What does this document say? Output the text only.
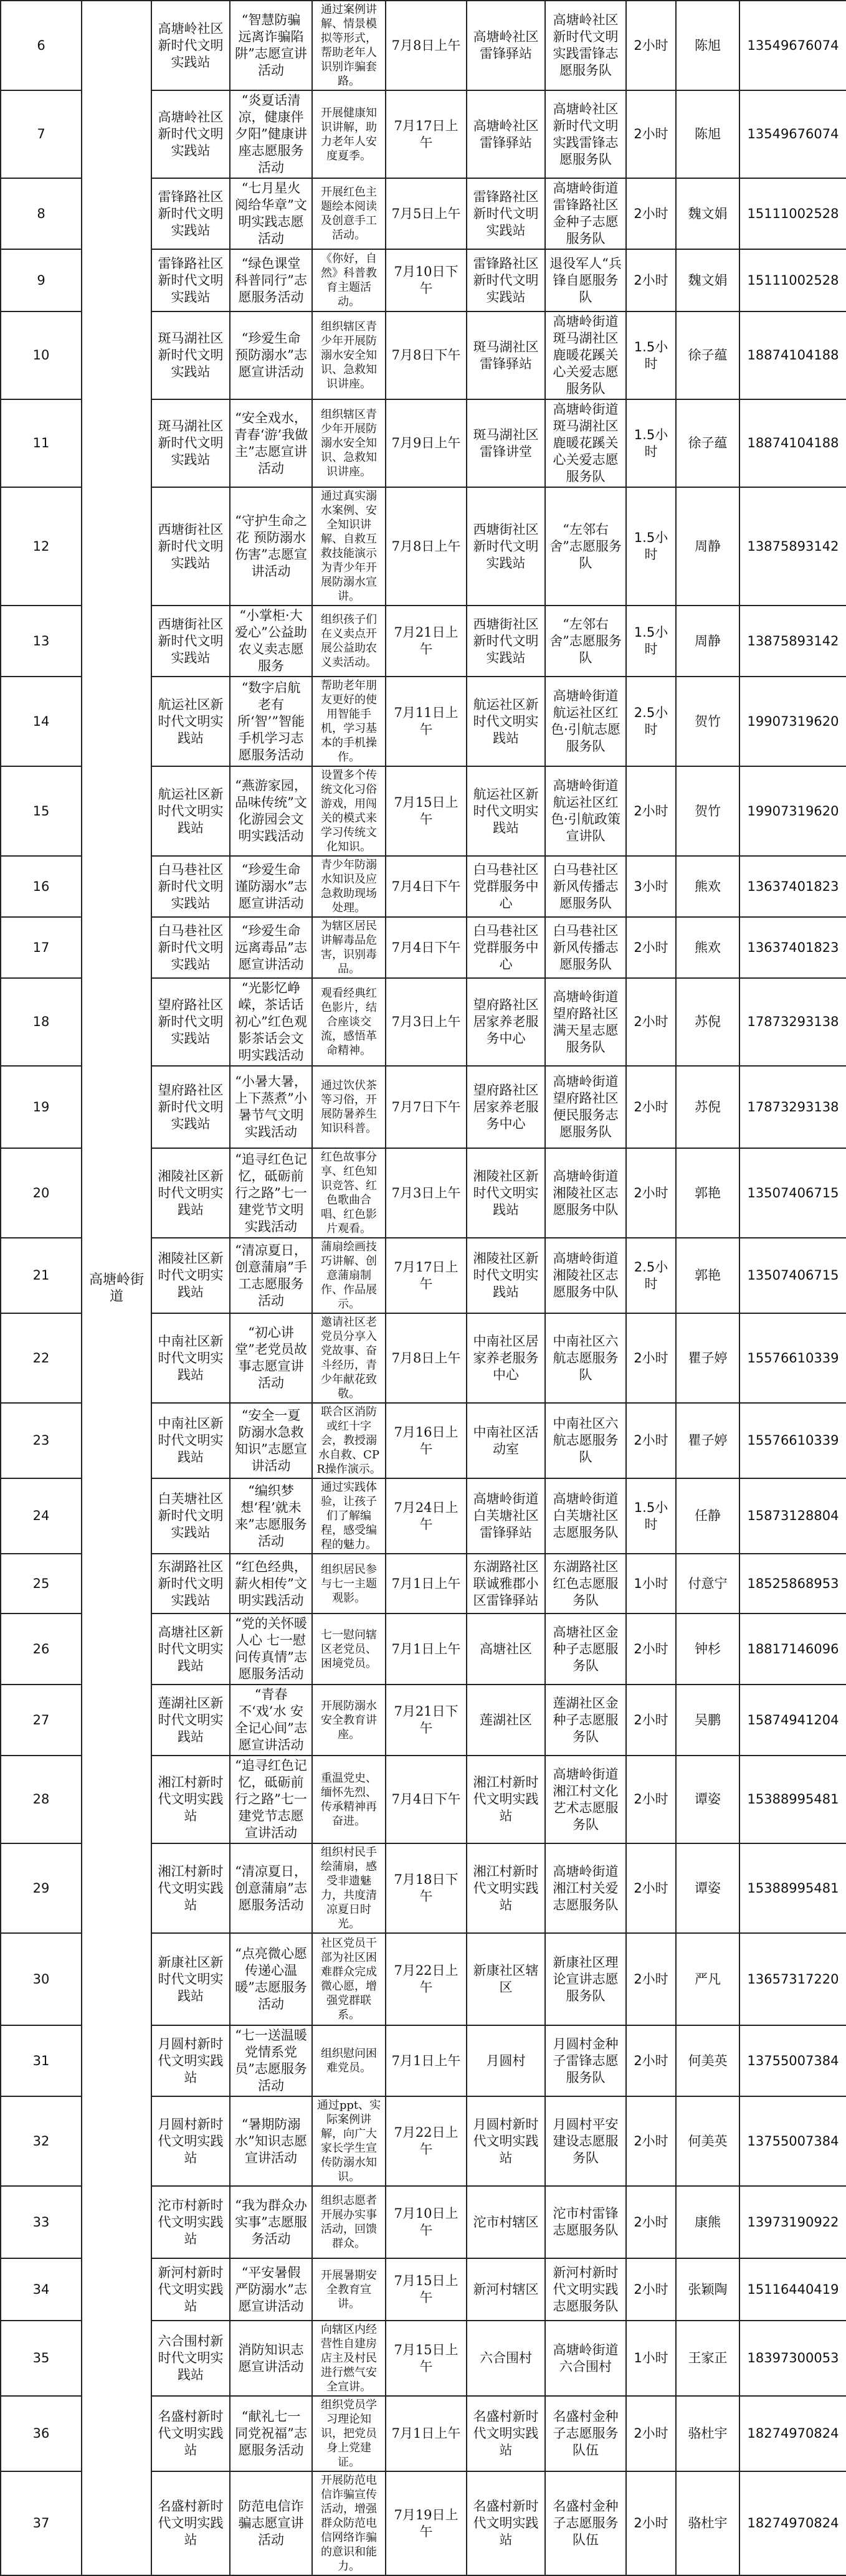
6	高塘岭街道	高塘岭社区新时代文明实践站	“智慧防骗 远离诈骗陷阱”志愿宣讲活动	通过案例讲解、情景模拟等形式，帮助老年人识别诈骗套路。	7月8日上午	高塘岭社区雷锋驿站	高塘岭社区新时代文明实践雷锋志愿服务队	2小时	陈旭	13549676074
7		高塘岭社区新时代文明实践站	“炎夏话清凉，健康伴夕阳”健康讲座志愿服务活动	开展健康知识讲解，助力老年人安度夏季。	7月17日上午	高塘岭社区雷锋驿站	高塘岭社区新时代文明实践雷锋志愿服务队	2小时	陈旭	13549676074
8		雷锋路社区新时代文明实践站	“七月星火 阅给华章”文明实践志愿活动	开展红色主题绘本阅读及创意手工活动。	7月5日上午	雷锋路社区新时代文明实践站	高塘岭街道雷锋路社区金种子志愿服务队	2小时	魏文娟	15111002528
9		雷锋路社区新时代文明实践站	“绿色课堂 科普同行”志愿服务活动	《你好，自然》科普教育主题活动。	7月10日下午	雷锋路社区新时代文明实践站	退役军人“兵锋自愿服务队	2小时	魏文娟	15111002528
10		斑马湖社区新时代文明实践站	“珍爱生命 预防溺水”志愿宣讲活动	组织辖区青少年开展防溺水安全知识、急救知识讲座。	7月8日下午	斑马湖社区雷锋驿站	高塘岭街道斑马湖社区鹿暖花蹊关心关爱志愿服务队	1.5小时	徐子蕴	18874104188
11		斑马湖社区新时代文明实践站	“安全戏水，青春‘游’我做主”志愿宣讲活动	组织辖区青少年开展防溺水安全知识、急救知识讲座。	7月9日上午	斑马湖社区雷锋讲堂	高塘岭街道斑马湖社区鹿暖花蹊关心关爱志愿服务队	1.5小时	徐子蕴	18874104188
12		西塘街社区新时代文明实践站	“守护生命之花 预防溺水伤害”志愿宣讲活动	通过真实溺水案例、安全知识讲解、自救互救技能演示为青少年开展防溺水宣讲。	7月8日上午	西塘街社区新时代文明实践站	“左邻右舍”志愿服务队	1.5小时	周静	13875893142
13		西塘街社区新时代文明实践站	“小掌柜·大爱心”公益助农义卖志愿服务	组织孩子们在义卖点开展公益助农义卖活动。	7月21日上午	西塘街社区新时代文明实践站	“左邻右舍”志愿服务队	1.5小时	周静	13875893142
14		航运社区新时代文明实践站	“数字启航 老有所‘智’”智能手机学习志愿服务活动	帮助老年朋友更好的使用智能手机，学习基本的手机操作。	7月11日上午	航运社区新时代文明实践站	高塘岭街道航运社区红色·引航志愿服务队	2.5小时	贺竹	19907319620
15		航运社区新时代文明实践站	“燕游家园，品味传统”文化游园会文明实践活动	设置多个传统文化习俗游戏，用闯关的模式来学习传统文化知识。	7月15日上午	航运社区新时代文明实践站	高塘岭街道航运社区红色·引航政策宣讲队	2小时	贺竹	19907319620
16		白马巷社区新时代文明实践站	“珍爱生命 谨防溺水”志愿宣讲活动	青少年防溺水知识及应急救助现场处理。	7月4日下午	白马巷社区党群服务中心	白马巷社区新风传播志愿服务队	3小时	熊欢	13637401823
17		白马巷社区新时代文明实践站	“珍爱生命 远离毒品”志愿宣讲活动	为辖区居民讲解毒品危害，识别毒品。	7月4日下午	白马巷社区党群服务中心	白马巷社区新风传播志愿服务队	2小时	熊欢	13637401823
18		望府路社区新时代文明实践站	“光影忆峥嵘，茶话话初心”红色观影茶话会文明实践活动	观看经典红色影片，结合座谈交流，感悟革命精神。	7月3日上午	望府路社区居家养老服务中心	高塘岭街道望府路社区满天星志愿服务队	2小时	苏倪	17873293138
19		望府路社区新时代文明实践站	“小暑大暑，上下蒸煮”小暑节气文明实践活动	通过饮伏茶等习俗，开展防暑养生知识科普。	7月7日下午	望府路社区居家养老服务中心	高塘岭街道望府路社区便民服务志愿服务队	2小时	苏倪	17873293138
20		湘陵社区新时代文明实践站	“追寻红色记忆，砥砺前行之路”七一建党节文明实践活动	红色故事分享、红色知识竞答、红色歌曲合唱、红色影片观看。	7月3日上午	湘陵社区新时代文明实践站	高塘岭街道湘陵社区志愿服务中队	2小时	郭艳	13507406715
21		湘陵社区新时代文明实践站	“清凉夏日，创意蒲扇”手工志愿服务活动	蒲扇绘画技巧讲解、创意蒲扇制作、作品展示。	7月17日上午	湘陵社区新时代文明实践站	高塘岭街道湘陵社区志愿服务中队	2.5小时	郭艳	13507406715
22		中南社区新时代文明实践站	“初心讲堂”老党员故事志愿宣讲活动	邀请社区老党员分享入党故事、奋斗经历，青少年献花致敬。	7月8日上午	中南社区居家养老服务中心	中南社区六航志愿服务队	2小时	瞿子婷	15576610339
23		中南社区新时代文明实践站	“安全一夏 防溺水急救知识”志愿宣讲活动	联合区消防或红十字会，教授溺水自救、CPR操作演示。	7月16日上午	中南社区活动室	中南社区六航志愿服务队	2小时	瞿子婷	15576610339
24		白芙塘社区新时代文明实践站	“编织梦想‘程’就未来”志愿服务活动	通过实践体验，让孩子们了解编程，感受编程的魅力。	7月24日上午	高塘岭街道白芙塘社区雷锋驿站	高塘岭街道白芙塘社区志愿服务队	1.5小时	任静	15873128804
25		东湖路社区新时代文明实践站	“红色经典，薪火相传”文明实践活动	组织居民参与七一主题观影。	7月1日上午	东湖路社区联诚雅郡小区雷锋驿站	东湖路社区红色志愿服务队	1小时	付意宁	18525868953
26		高塘社区新时代文明实践站	“党的关怀暖人心 七一慰问传真情”志愿服务活动	七一慰问辖区老党员、困境党员。	7月1日上午	高塘社区	高塘社区金种子志愿服务队	2小时	钟杉	18817146096
27		莲湖社区新时代文明实践站	“青春不‘戏’水 安全记心间”志愿宣讲活动	开展防溺水安全教育讲座。	7月21日下午	莲湖社区	莲湖社区金种子志愿服务队	2小时	吴鹏	15874941204
28		湘江村新时代文明实践站	“追寻红色记忆，砥砺前行之路”七一建党节志愿宣讲活动	重温党史、缅怀先烈、传承精神再奋进。	7月4日下午	湘江村新时代文明实践站	高塘岭街道湘江村文化艺术志愿服务队	2小时	谭姿	15388995481
29		湘江村新时代文明实践站	“清凉夏日，创意蒲扇”志愿服务活动	组织村民手绘蒲扇，感受非遗魅力，共度清凉夏日时光。	7月18日下午	湘江村新时代文明实践站	高塘岭街道湘江村关爱志愿服务队	2小时	谭姿	15388995481
30		新康社区新时代文明实践站	“点亮微心愿 传递心温暖”志愿服务活动	社区党员干部为社区困难群众完成微心愿，增强党群联系。	7月22日上午	新康社区辖区	新康社区理论宣讲志愿服务队	2小时	严凡	13657317220
31		月圆村新时代文明实践站	“七一送温暖 党情系党员”志愿服务活动	组织慰问困难党员。	7月1日上午	月圆村	月圆村金种子雷锋志愿服务队	2小时	何美英	13755007384
32		月圆村新时代文明实践站	“暑期防溺水”知识志愿宣讲活动	通过ppt、实际案例讲解，向广大家长学生宣传防溺水知识。	7月22日上午	月圆村新时代文明实践站	月圆村平安建设志愿服务队	2小时	何美英	13755007384
33		沱市村新时代文明实践站	“我为群众办实事”志愿服务活动	组织志愿者开展办实事活动，回馈群众。	7月10日上午	沱市村辖区	沱市村雷锋志愿服务队	2小时	康熊	13973190922
34		新河村新时代文明实践站	“平安暑假 严防溺水”志愿宣讲活动	开展暑期安全教育宣讲。	7月15日上午	新河村辖区	新河村新时代文明实践志愿服务队	2小时	张颖陶	15116440419
35		六合围村新时代文明实践站	消防知识志愿宣讲活动	向辖区内经营性自建房店主及村民进行燃气安全宣讲。	7月15日上午	六合围村	高塘岭街道六合围村	1小时	王家正	18397300053
36		名盛村新时代文明实践站	“献礼七一 同党祝福”志愿服务活动	组织党员学习理论知识，把党员身上党建证。	7月1日上午	名盛村新时代文明实践站	名盛村金种子志愿服务队伍	2小时	骆杜宇	18274970824
37		名盛村新时代文明实践站	防范电信诈骗志愿宣讲活动	开展防范电信诈骗宣传活动，增强群众防范电信网络诈骗的意识和能力。	7月19日上午	名盛村新时代文明实践站	名盛村金种子志愿服务队伍	2小时	骆杜宇	18274970824
